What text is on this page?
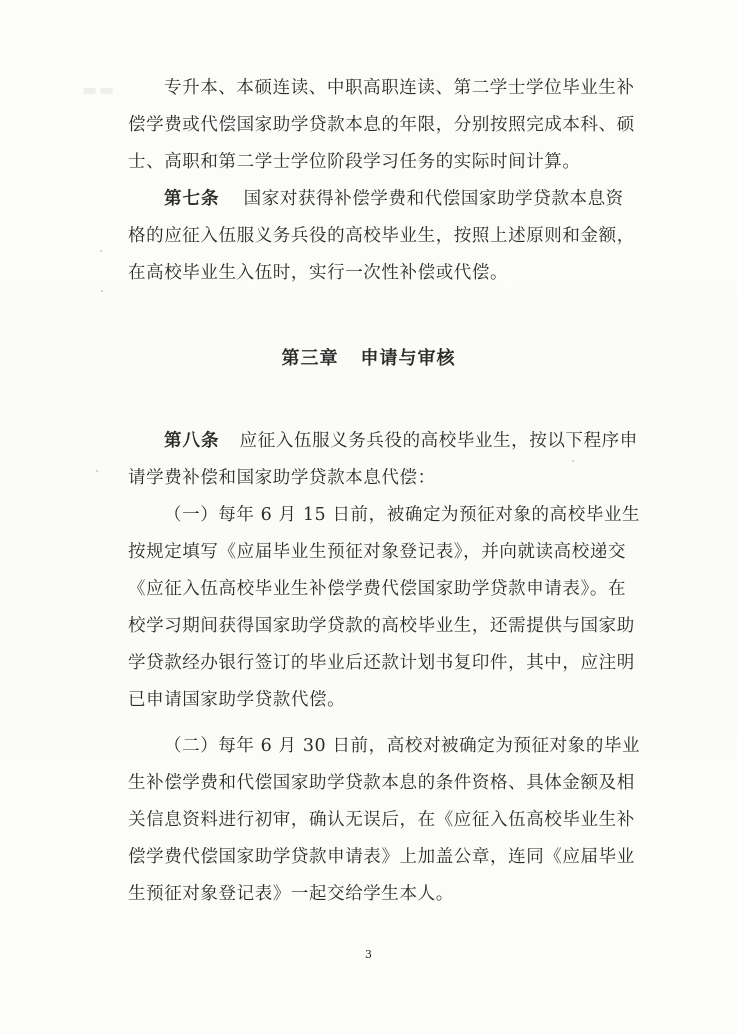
▬▬	专升本、本硕连读、中职高职连读、第二学士学位毕业生补
偿学费或代偿国家助学贷款本息的年限，分别按照完成本科、硕
士、高职和第二学士学位阶段学习任务的实际时间计算。
第七条 国家对获得补偿学费和代偿国家助学贷款本息资
格的应征入伍服义务兵役的高校毕业生，按照上述原则和金额，
在高校毕业生入伍时，实行一次性补偿或代偿。
第三章 申请与审核
第八条 应征入伍服义务兵役的高校毕业生，按以下程序申
请学费补偿和国家助学贷款本息代偿：
（一）每年 6 月 15 日前，被确定为预征对象的高校毕业生
按规定填写《应届毕业生预征对象登记表》，并向就读高校递交
《应征入伍高校毕业生补偿学费代偿国家助学贷款申请表》。在
校学习期间获得国家助学贷款的高校毕业生，还需提供与国家助
学贷款经办银行签订的毕业后还款计划书复印件，其中，应注明
已申请国家助学贷款代偿。
（二）每年 6 月 30 日前，高校对被确定为预征对象的毕业
生补偿学费和代偿国家助学贷款本息的条件资格、具体金额及相
关信息资料进行初审，确认无误后，在《应征入伍高校毕业生补
偿学费代偿国家助学贷款申请表》上加盖公章，连同《应届毕业
生预征对象登记表》一起交给学生本人。
3
